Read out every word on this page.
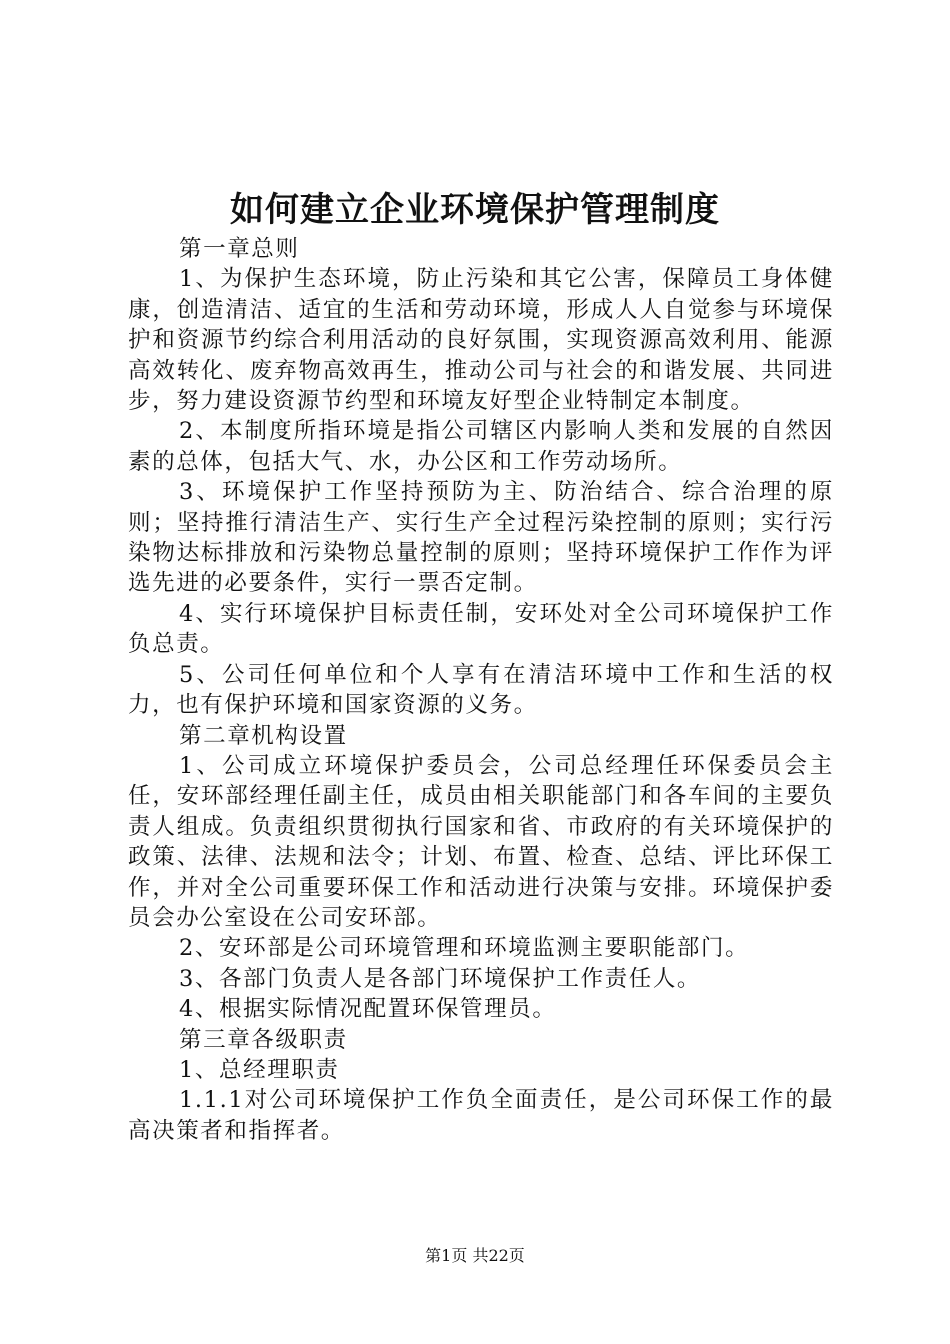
如何建立企业环境保护管理制度

第一章总则

1、为保护生态环境，防止污染和其它公害，保障员工身体健康，创造清洁、适宜的生活和劳动环境，形成人人自觉参与环境保护和资源节约综合利用活动的良好氛围，实现资源高效利用、能源高效转化、废弃物高效再生，推动公司与社会的和谐发展、共同进步，努力建设资源节约型和环境友好型企业特制定本制度。

2、本制度所指环境是指公司辖区内影响人类和发展的自然因素的总体，包括大气、水，办公区和工作劳动场所。

3、环境保护工作坚持预防为主、防治结合、综合治理的原则；坚持推行清洁生产、实行生产全过程污染控制的原则；实行污染物达标排放和污染物总量控制的原则；坚持环境保护工作作为评选先进的必要条件，实行一票否定制。

4、实行环境保护目标责任制，安环处对全公司环境保护工作负总责。

5、公司任何单位和个人享有在清洁环境中工作和生活的权力，也有保护环境和国家资源的义务。

第二章机构设置

1、公司成立环境保护委员会，公司总经理任环保委员会主任，安环部经理任副主任，成员由相关职能部门和各车间的主要负责人组成。负责组织贯彻执行国家和省、市政府的有关环境保护的政策、法律、法规和法令；计划、布置、检查、总结、评比环保工作，并对全公司重要环保工作和活动进行决策与安排。环境保护委员会办公室设在公司安环部。

2、安环部是公司环境管理和环境监测主要职能部门。

3、各部门负责人是各部门环境保护工作责任人。

4、根据实际情况配置环保管理员。

第三章各级职责

1、总经理职责

1.1.1对公司环境保护工作负全面责任，是公司环保工作的最高决策者和指挥者。

第1页 共22页
